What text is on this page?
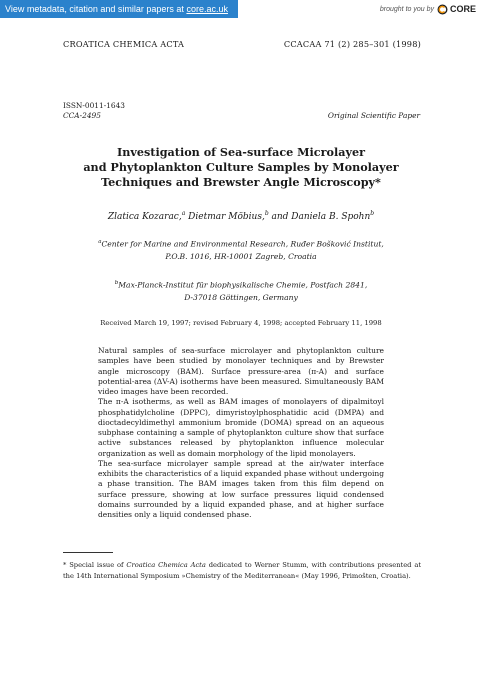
View metadata, citation and similar papers at core.ac.uk	brought to you by CORE
CROATICA CHEMICA ACTA	CCACAA 71 (2) 285–301 (1998)
ISSN-0011-1643
CCA-2495	Original Scientific Paper
Investigation of Sea-surface Microlayer
and Phytoplankton Culture Samples by Monolayer
Techniques and Brewster Angle Microscopy*
Zlatica Kozarac,$^a$ Dietmar Möbius,$^b$ and Daniela B. Spohn$^b$
$^a$Center for Marine and Environmental Research, Ruđer Bošković Institut,
P.O.B. 1016, HR-10001 Zagreb, Croatia
$^b$Max-Planck-Institut für biophysikalische Chemie, Postfach 2841,
D-37018 Göttingen, Germany
Received March 19, 1997; revised February 4, 1998; accepted February 11, 1998

Natural samples of sea-surface microlayer and phytoplankton culture samples have been studied by monolayer techniques and by Brewster angle microscopy (BAM). Surface pressure-area (π-A) and surface potential-area (ΔV-A) isotherms have been measured. Simultaneously BAM video images have been recorded.

The π-A isotherms, as well as BAM images of monolayers of dipalmitoyl phosphatidylcholine (DPPC), dimyristoylphosphatidic acid (DMPA) and dioctadecyldimethyl ammonium bromide (DOMA) spread on an aqueous subphase containing a sample of phytoplankton culture show that surface active substances released by phytoplankton influence molecular organization as well as domain morphology of the lipid monolayers.

The sea-surface microlayer sample spread at the air/water interface exhibits the characteristics of a liquid expanded phase without undergoing a phase transition. The BAM images taken from this film depend on surface pressure, showing at low surface pressures liquid condensed domains surrounded by a liquid expanded phase, and at higher surface densities only a liquid condensed phase.

* Special issue of Croatica Chemica Acta dedicated to Werner Stumm, with contributions presented at the 14th International Symposium »Chemistry of the Mediterranean« (May 1996, Primošten, Croatia).
